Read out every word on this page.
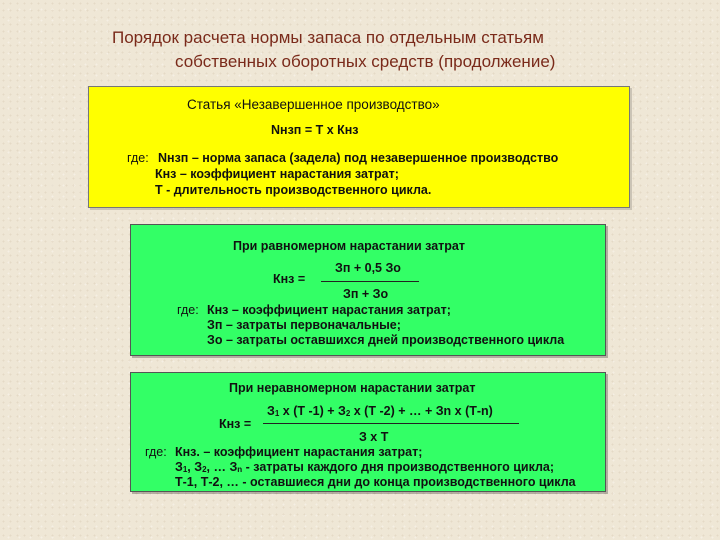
Порядок расчета нормы запаса по отдельным статьям
собственных оборотных средств (продолжение)
Статья «Незавершенное производство»
Nнзп = Т х Кнз
где: Nнзп – норма запаса (задела) под незавершенное производство
Кнз – коэффициент нарастания затрат;
Т - длительность производственного цикла.
При равномерном нарастании затрат
Кнз =
Зп + 0,5 Зо
Зп + Зо
где: Кнз – коэффициент нарастания затрат;
Зп – затраты первоначальные;
Зо – затраты оставшихся дней производственного цикла
При неравномерном нарастании затрат
Кнз =
$З_1$ х (Т $-1) + З_2$ х (Т -2) + … + Зn х (Т-n)
З х Т
где: Кнз. – коэффициент нарастания затрат;
$З_1$, $З_2$, … $З_n$ - затраты каждого дня производственного цикла;
Т-1, Т-2, … - оставшиеся дни до конца производственного цикла
